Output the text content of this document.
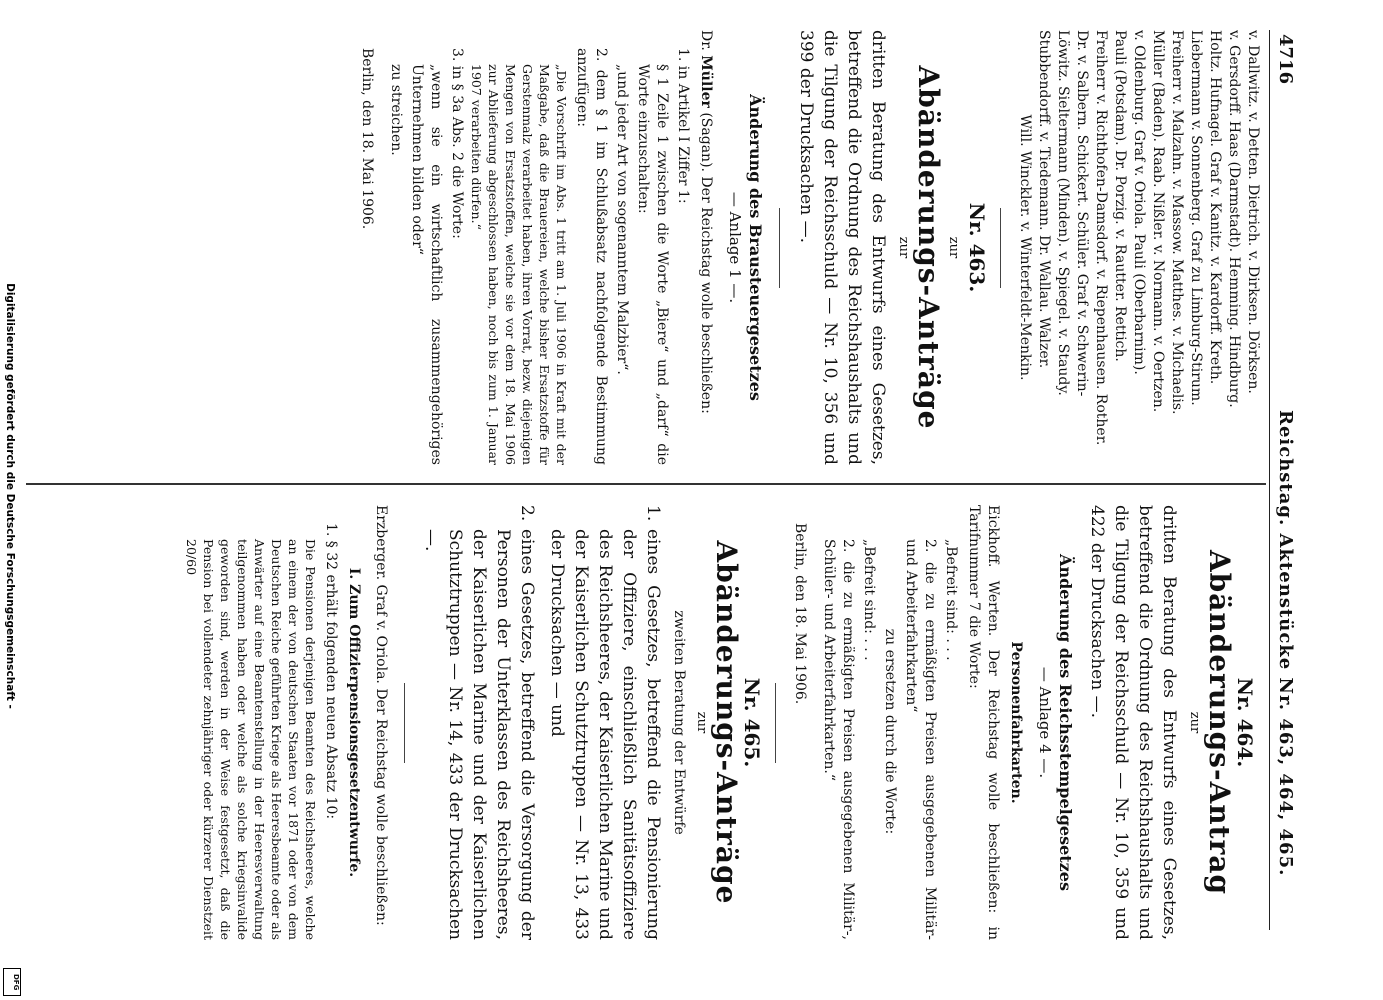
Digitalisierung gefördert durch die Deutsche Forschungsgemeinschaft -
DFG
4716
Reichstag. Aktenstücke Nr. 463, 464, 465.

v. Dallwitz. v. Detten. Dietrich. v. Dirksen. Dörksen.

v. Gersdorff. Haas (Darmstadt). Hemming. Hindburg.

Holtz. Hufnagel. Graf v. Kanitz. v. Kardorff. Kreth.

Liebermann v. Sonnenberg. Graf zu Limburg-Stirum.

Freiherr v. Malzahn. v. Massow. Matthes. v. Michaelis.

Müller (Baden). Raab. Nißler. v. Normann. v. Oertzen.

v. Oldenburg. Graf v. Oriola. Pauli (Oberbarnim).

Pauli (Potsdam). Dr. Porzig. v. Rautter. Rettich.

Freiherr v. Richthofen-Damsdorf. v. Riepenhausen. Rother.

Dr. v. Salbern. Schickert. Schüler. Graf v. Schwerin-

Löwitz. Sieltermann (Minden). v. Spiegel. v. Staudy.

Stubbendorff. v. Tiedemann. Dr. Wallau. Walzer.

Will. Winckler. v. Winterfeldt-Menkin.

Nr. 463.
zur
Abänderungs-Anträge
zur
dritten Beratung des Entwurfs eines Gesetzes, betreffend die Ordnung des Reichshaushalts und die Tilgung der Reichsschuld — Nr. 10, 356 und 399 der Drucksachen —.
Änderung des Brausteuergesetzes
— Anlage 1 —.
Dr. Müller (Sagan). Der Reichstag wolle beschließen:
1. in Artikel I Ziffer 1:
§ 1 Zeile 1 zwischen die Worte „Biere“ und „darf“ die Worte einzuschalten:
„und jeder Art von sogenanntem Malzbier“.
2. dem § 1 im Schlußabsatz nachfolgende Bestimmung anzufügen:
„Die Vorschrift im Abs. 1 tritt am 1. Juli 1906 in Kraft mit der Maßgabe, daß die Brauereien, welche bisher Ersatzstoffe für Gerstenmalz verarbeitet haben, ihren Vorrat, bezw. diejenigen Mengen von Ersatzstoffen, welche sie vor dem 18. Mai 1906 zur Ablieferung abgeschlossen haben, noch bis zum 1. Januar 1907 verarbeiten dürfen.“
3. in § 3a Abs. 2 die Worte:
„wenn sie ein wirtschaftlich zusammengehöriges Unternehmen bilden oder“
zu streichen.
Berlin, den 18. Mai 1906.
Nr. 464.
Abänderungs-Antrag
zur
dritten Beratung des Entwurfs eines Gesetzes, betreffend die Ordnung des Reichshaushalts und die Tilgung der Reichsschuld — Nr. 10, 359 und 422 der Drucksachen —.
Änderung des Reichsstempelgesetzes
— Anlage 4 —.
Personenfahrkarten.
Eickhoff. Werten. Der Reichstag wolle beschließen: in Tarifnummer 7 die Worte:
„Befreit sind: . . .
2. die zu ermäßigten Preisen ausgegebenen Militär- und Arbeiterfahrkarten“
zu ersetzen durch die Worte:
„Befreit sind: . . .
2. die zu ermäßigten Preisen ausgegebenen Militär-, Schüler- und Arbeiterfahrkarten.“
Berlin, den 18. Mai 1906.
Nr. 465.
Abänderungs-Anträge
zur
zweiten Beratung der Entwürfe
1.
eines Gesetzes, betreffend die Pensionierung der Offiziere, einschließlich Sanitätsoffiziere des Reichsheeres, der Kaiserlichen Marine und der Kaiserlichen Schutztruppen — Nr. 13, 433 der Drucksachen — und
2.
eines Gesetzes, betreffend die Versorgung der Personen der Unterklassen des Reichsheeres, der Kaiserlichen Marine und der Kaiserlichen Schutztruppen — Nr. 14, 433 der Drucksachen —.
Erzberger. Graf v. Oriola. Der Reichstag wolle beschließen:
I. Zum Offizierpensionsgesetzentwurfe.
1. § 32 erhält folgenden neuen Absatz 10:
Die Pensionen derjenigen Beamten des Reichsheeres, welche an einem der von deutschen Staaten vor 1871 oder von dem Deutschen Reiche geführten Kriege als Heeresbeamte oder als Anwärter auf eine Beamtenstellung in der Heeresverwaltung teilgenommen haben oder welche als solche kriegsinvalide geworden sind, werden in der Weise festgesetzt, daß die Pension bei vollendeter zehnjähriger oder kürzerer Dienstzeit 20/60
